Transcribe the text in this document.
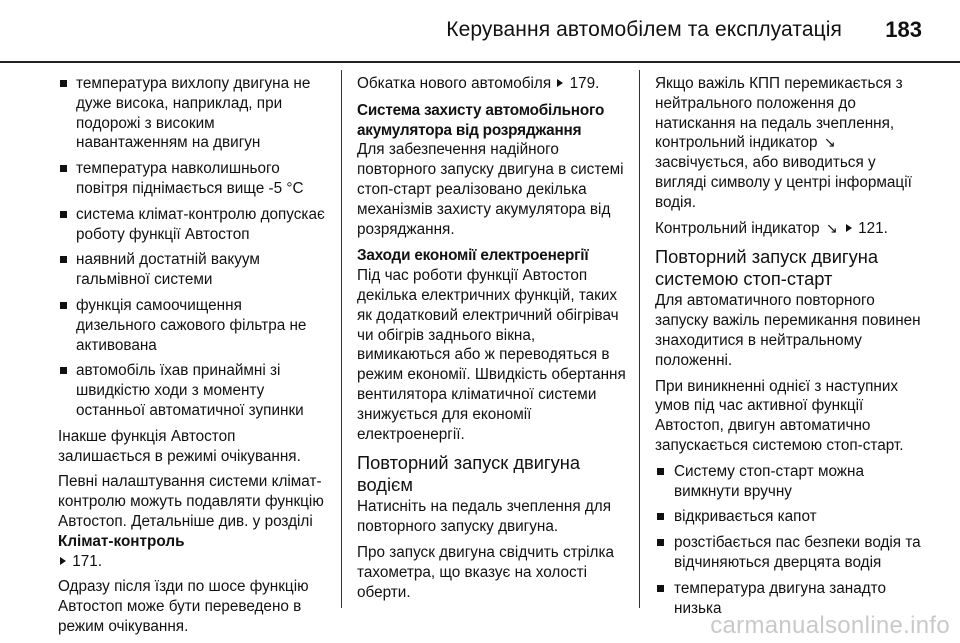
Керування автомобілем та експлуатація 183
температура вихлопу двигуна не дуже висока, наприклад, при подорожі з високим навантаженням на двигун
температура навколишнього повітря піднімається вище -5 °C
система клімат-контролю допускає роботу функції Автостоп
наявний достатній вакуум гальмівної системи
функція самоочищення дизельного сажового фільтра не активована
автомобіль їхав принаймні зі швидкістю ходи з моменту останньої автоматичної зупинки

Інакше функція Автостоп залишається в режимі очікування.

Певні налаштування системи клімат-контролю можуть подавляти функцію Автостоп. Детальніше див. у розділі Клімат-контроль
171.

Одразу після їзди по шосе функцію Автостоп може бути переведено в режим очікування.

Обкатка нового автомобіля 179.

Система захисту автомобільного акумулятора від розряджання

Для забезпечення надійного повторного запуску двигуна в системі стоп-старт реалізовано декілька механізмів захисту акумулятора від розряджання.

Заходи економії електроенергії

Під час роботи функції Автостоп декілька електричних функцій, таких як додатковий електричний обігрівач чи обігрів заднього вікна, вимикаються або ж переводяться в режим економії. Швидкість обертання вентилятора кліматичної системи знижується для економії електроенергії.

Повторний запуск двигуна водієм

Натисніть на педаль зчеплення для повторного запуску двигуна.

Про запуск двигуна свідчить стрілка тахометра, що вказує на холості оберти.

Якщо важіль КПП перемикається з нейтрального положення до натискання на педаль зчеплення, контрольний індикатор ↘
засвічується, або виводиться у вигляді символу у центрі інформації водія.

Контрольний індикатор ↘ 121.

Повторний запуск двигуна системою стоп-старт

Для автоматичного повторного запуску важіль перемикання повинен знаходитися в нейтральному положенні.

При виникненні однієї з наступних умов під час активної функції Автостоп, двигун автоматично запускається системою стоп-старт.

Систему стоп-старт можна вимкнути вручну
відкривається капот
розстібається пас безпеки водія та відчиняються дверцята водія
температура двигуна занадто низька
carmanualsonline.info
